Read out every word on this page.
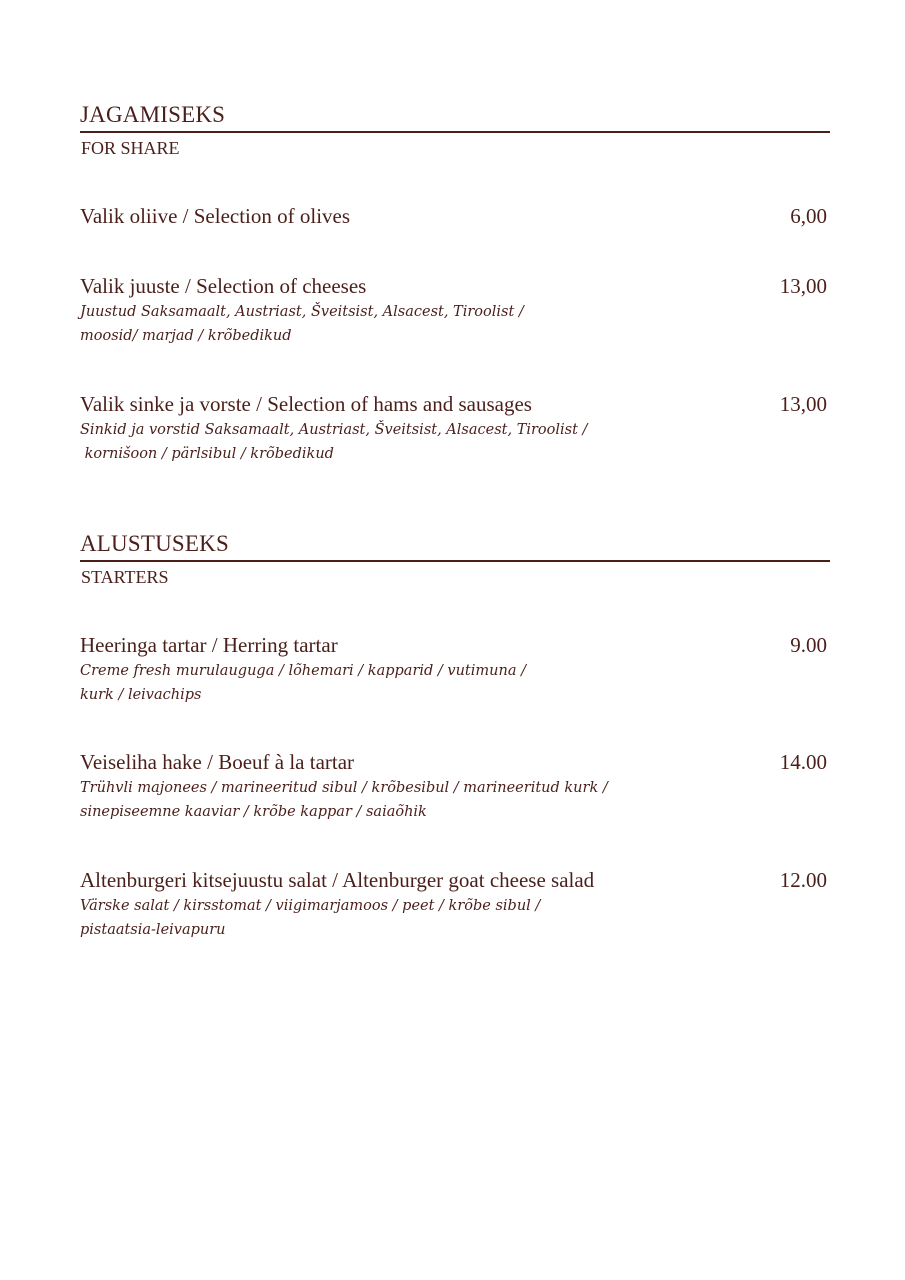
JAGAMISEKS
FOR SHARE
Valik oliive / Selection of olives	6,00
Valik juuste / Selection of cheeses	13,00
Juustud Saksamaalt, Austriast, Šveitsist, Alsacest, Tiroolist /
moosid/ marjad / krõbedikud
Valik sinke ja vorste / Selection of hams and sausages	13,00
Sinkid ja vorstid Saksamaalt, Austriast, Šveitsist, Alsacest, Tiroolist /
kornišoon / pärlsibul / krõbedikud
ALUSTUSEKS
STARTERS
Heeringa tartar / Herring tartar	9.00
Creme fresh murulauguga / lõhemari / kapparid / vutimuna /
kurk / leivachips
Veiseliha hake / Boeuf à la tartar	14.00
Trühvli majonees / marineeritud sibul / krõbesibul / marineeritud kurk /
sinepiseemne kaaviar / krõbe kappar / saiaõhik
Altenburgeri kitsejuustu salat / Altenburger goat cheese salad	12.00
Värske salat / kirsstomat / viigimarjamoos / peet / krõbe sibul /
pistaatsia-leivapuru
